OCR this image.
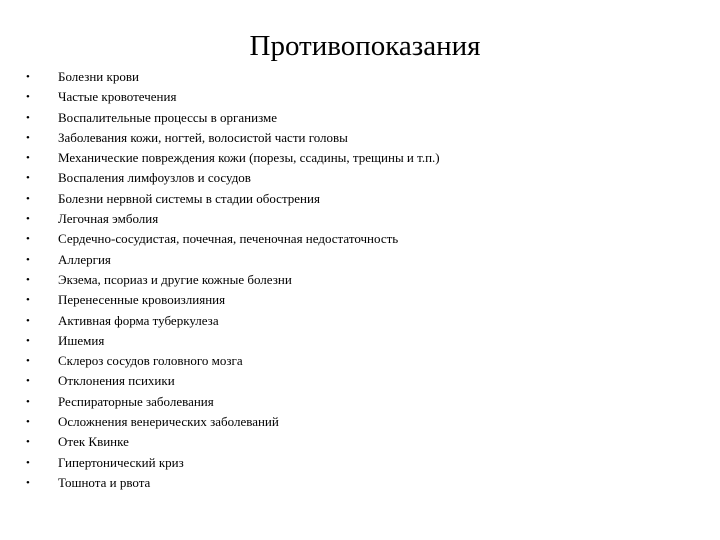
Противопоказания
•	Болезни крови
•	Частые кровотечения
•	Воспалительные процессы в организме
•	Заболевания кожи, ногтей, волосистой части головы
•	Механические повреждения кожи (порезы, ссадины, трещины и т.п.)
•	Воспаления лимфоузлов и сосудов
•	Болезни нервной системы в стадии обострения
•	Легочная эмболия
•	Сердечно-сосудистая, почечная, печеночная недостаточность
•	Аллергия
•	Экзема, псориаз и другие кожные болезни
•	Перенесенные кровоизлияния
•	Активная форма туберкулеза
•	Ишемия
•	Склероз сосудов головного мозга
•	Отклонения психики
•	Респираторные заболевания
•	Осложнения венерических заболеваний
•	Отек Квинке
•	Гипертонический криз
•	Тошнота и рвота
